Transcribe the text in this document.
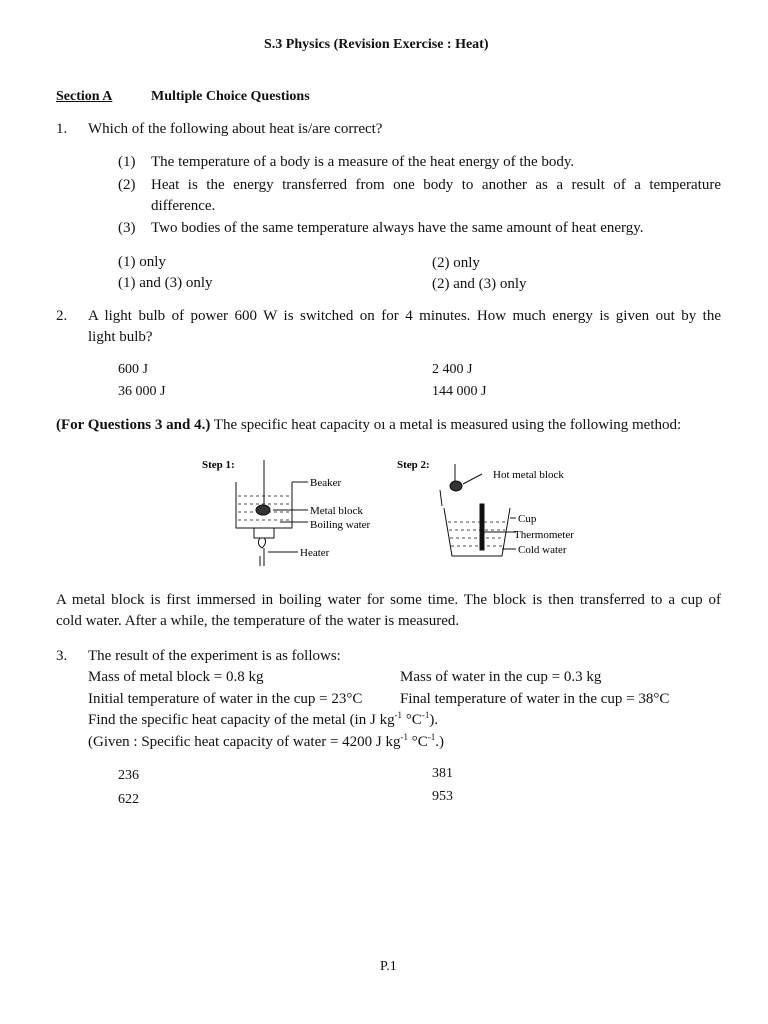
S.3 Physics (Revision Exercise : Heat)
Section A	Multiple Choice Questions
1. Which of the following about heat is/are correct?
(1) The temperature of a body is a measure of the heat energy of the body.
(2) Heat is the energy transferred from one body to another as a result of a temperature
difference.
(3) Two bodies of the same temperature always have the same amount of heat energy.
(1) only	(2) only
(1) and (3) only	(2) and (3) only
2. A light bulb of power 600 W is switched on for 4 minutes. How much energy is given out by the
light bulb?
600 J	2 400 J
36 000 J	144 000 J
(For Questions 3 and 4.) The specific heat capacity oı a metal is measured using the following method:
Step 1:
Beaker
Metal block
Boiling water
Heater
Step 2:
Hot metal block
Cup
Thermometer
Cold water
A metal block is first immersed in boiling water for some time. The block is then transferred to a cup of
cold water. After a while, the temperature of the water is measured.
3. The result of the experiment is as follows:
Mass of metal block = 0.8 kg	Mass of water in the cup = 0.3 kg
Initial temperature of water in the cup = 23°C	Final temperature of water in the cup = 38°C
Find the specific heat capacity of the metal (in J $kg^{-1}$ $^\circ C^{-1}$).
(Given : Specific heat capacity of water = 4200 J $kg^{-1}$ $^\circ C^{-1}$.)
236	381
622	953
P.1
